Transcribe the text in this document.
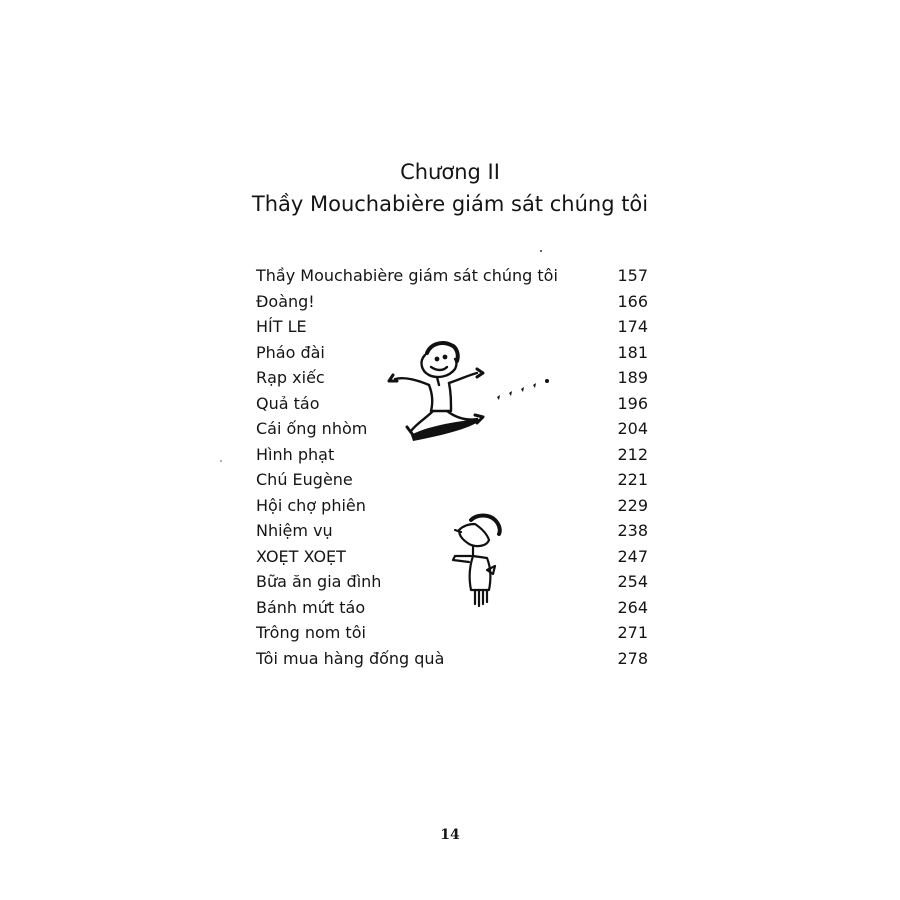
Chương II
Thầy Mouchabière giám sát chúng tôi
Thầy Mouchabière giám sát chúng tôi	157
Đoàng!	166
HÍT LE	174
Pháo đài	181
Rạp xiếc	189
Quả táo	196
Cái ống nhòm	204
Hình phạt	212
Chú Eugène	221
Hội chợ phiên	229
Nhiệm vụ	238
XOẸT XOẸT	247
Bữa ăn gia đình	254
Bánh mứt táo	264
Trông nom tôi	271
Tôi mua hàng đống quà	278
14
